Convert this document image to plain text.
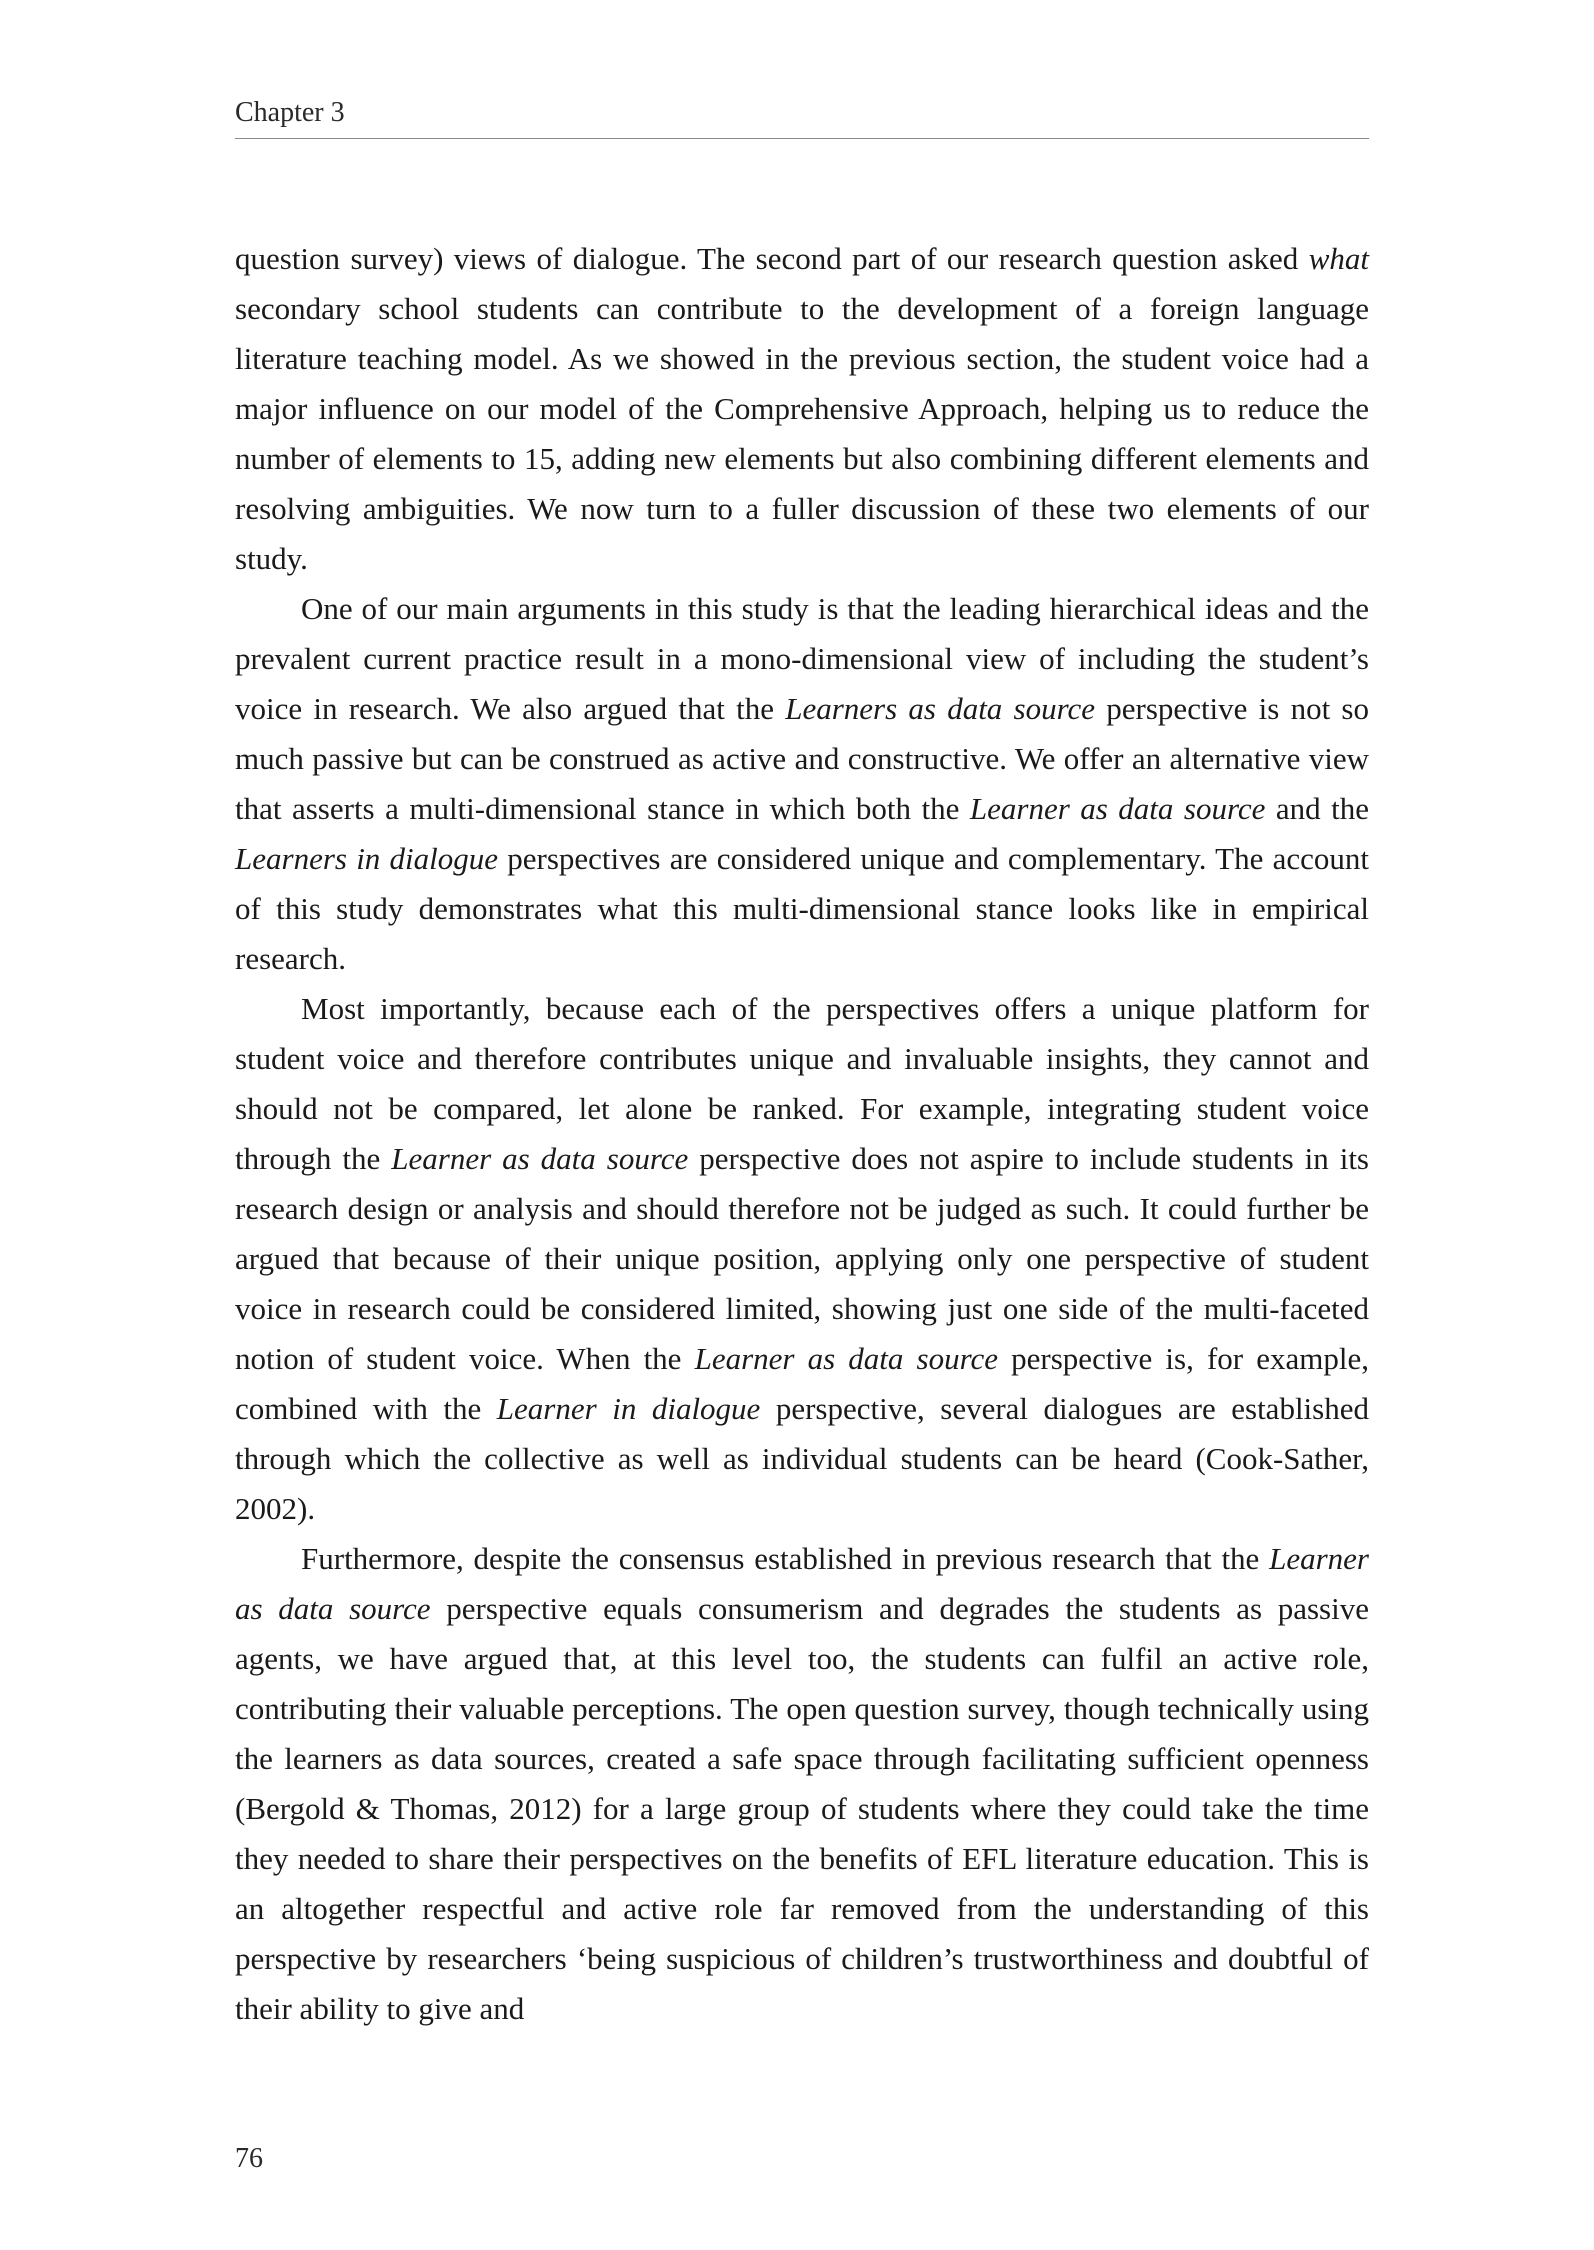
Chapter 3

question survey) views of dialogue. The second part of our research question asked what secondary school students can contribute to the development of a foreign language literature teaching model. As we showed in the previous section, the student voice had a major influence on our model of the Comprehensive Approach, helping us to reduce the number of elements to 15, adding new elements but also combining different elements and resolving ambiguities. We now turn to a fuller discussion of these two elements of our study.

One of our main arguments in this study is that the leading hierarchical ideas and the prevalent current practice result in a mono-dimensional view of including the student’s voice in research. We also argued that the Learners as data source perspective is not so much passive but can be construed as active and constructive. We offer an alternative view that asserts a multi-dimensional stance in which both the Learner as data source and the Learners in dialogue perspectives are considered unique and complementary. The account of this study demonstrates what this multi-dimensional stance looks like in empirical research.

Most importantly, because each of the perspectives offers a unique platform for student voice and therefore contributes unique and invaluable insights, they cannot and should not be compared, let alone be ranked. For example, integrating student voice through the Learner as data source perspective does not aspire to include students in its research design or analysis and should therefore not be judged as such. It could further be argued that because of their unique position, applying only one perspective of student voice in research could be considered limited, showing just one side of the multi-faceted notion of student voice. When the Learner as data source perspective is, for example, combined with the Learner in dialogue perspective, several dialogues are established through which the collective as well as individual students can be heard (Cook-Sather, 2002).

Furthermore, despite the consensus established in previous research that the Learner as data source perspective equals consumerism and degrades the students as passive agents, we have argued that, at this level too, the students can fulfil an active role, contributing their valuable perceptions. The open question survey, though technically using the learners as data sources, created a safe space through facilitating sufficient openness (Bergold & Thomas, 2012) for a large group of students where they could take the time they needed to share their perspectives on the benefits of EFL literature education. This is an altogether respectful and active role far removed from the understanding of this perspective by researchers ‘being suspicious of children’s trustworthiness and doubtful of their ability to give and

76
